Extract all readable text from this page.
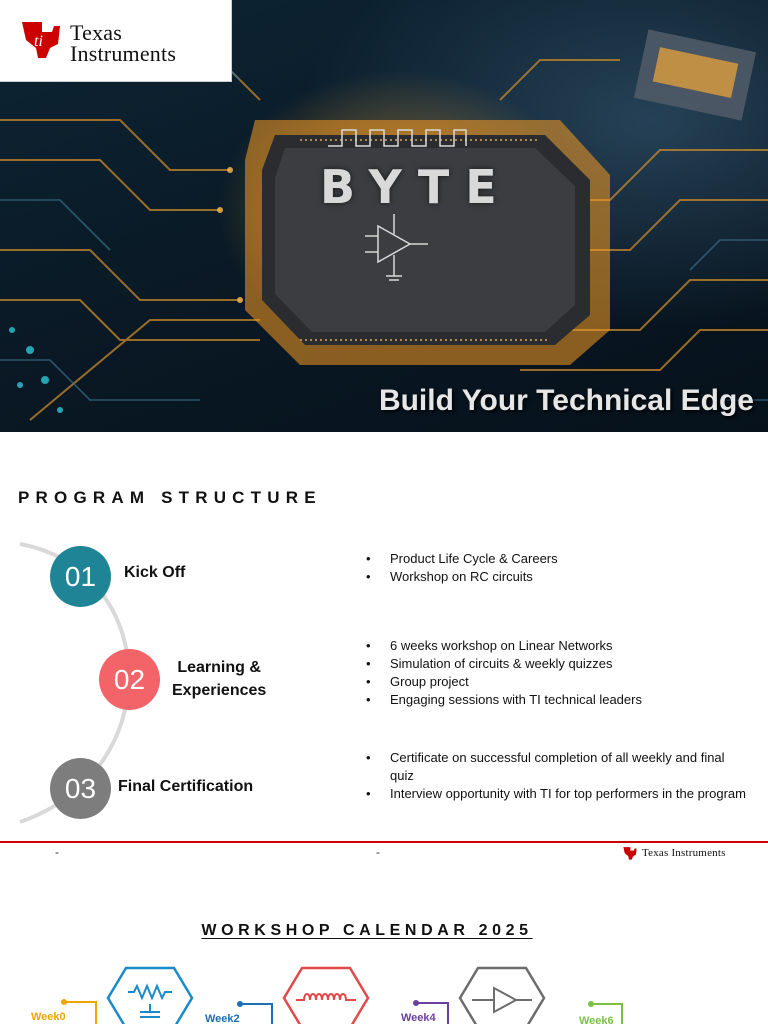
ti Texas
Instruments
BYTE
Build Your Technical Edge
PROGRAM STRUCTURE
01	Kick Off
02	Learning &
Experiences
03	Final Certification
• Product Life Cycle & Careers
• Workshop on RC circuits
• 6 weeks workshop on Linear Networks
• Simulation of circuits & weekly quizzes
• Group project
• Engaging sessions with TI technical leaders
• Certificate on successful completion of all weekly and final quiz
• Interview opportunity with TI for top performers in the program
-	-	Texas Instruments
WORKSHOP CALENDAR 2025
Week0	Week2	Week4	Week6
